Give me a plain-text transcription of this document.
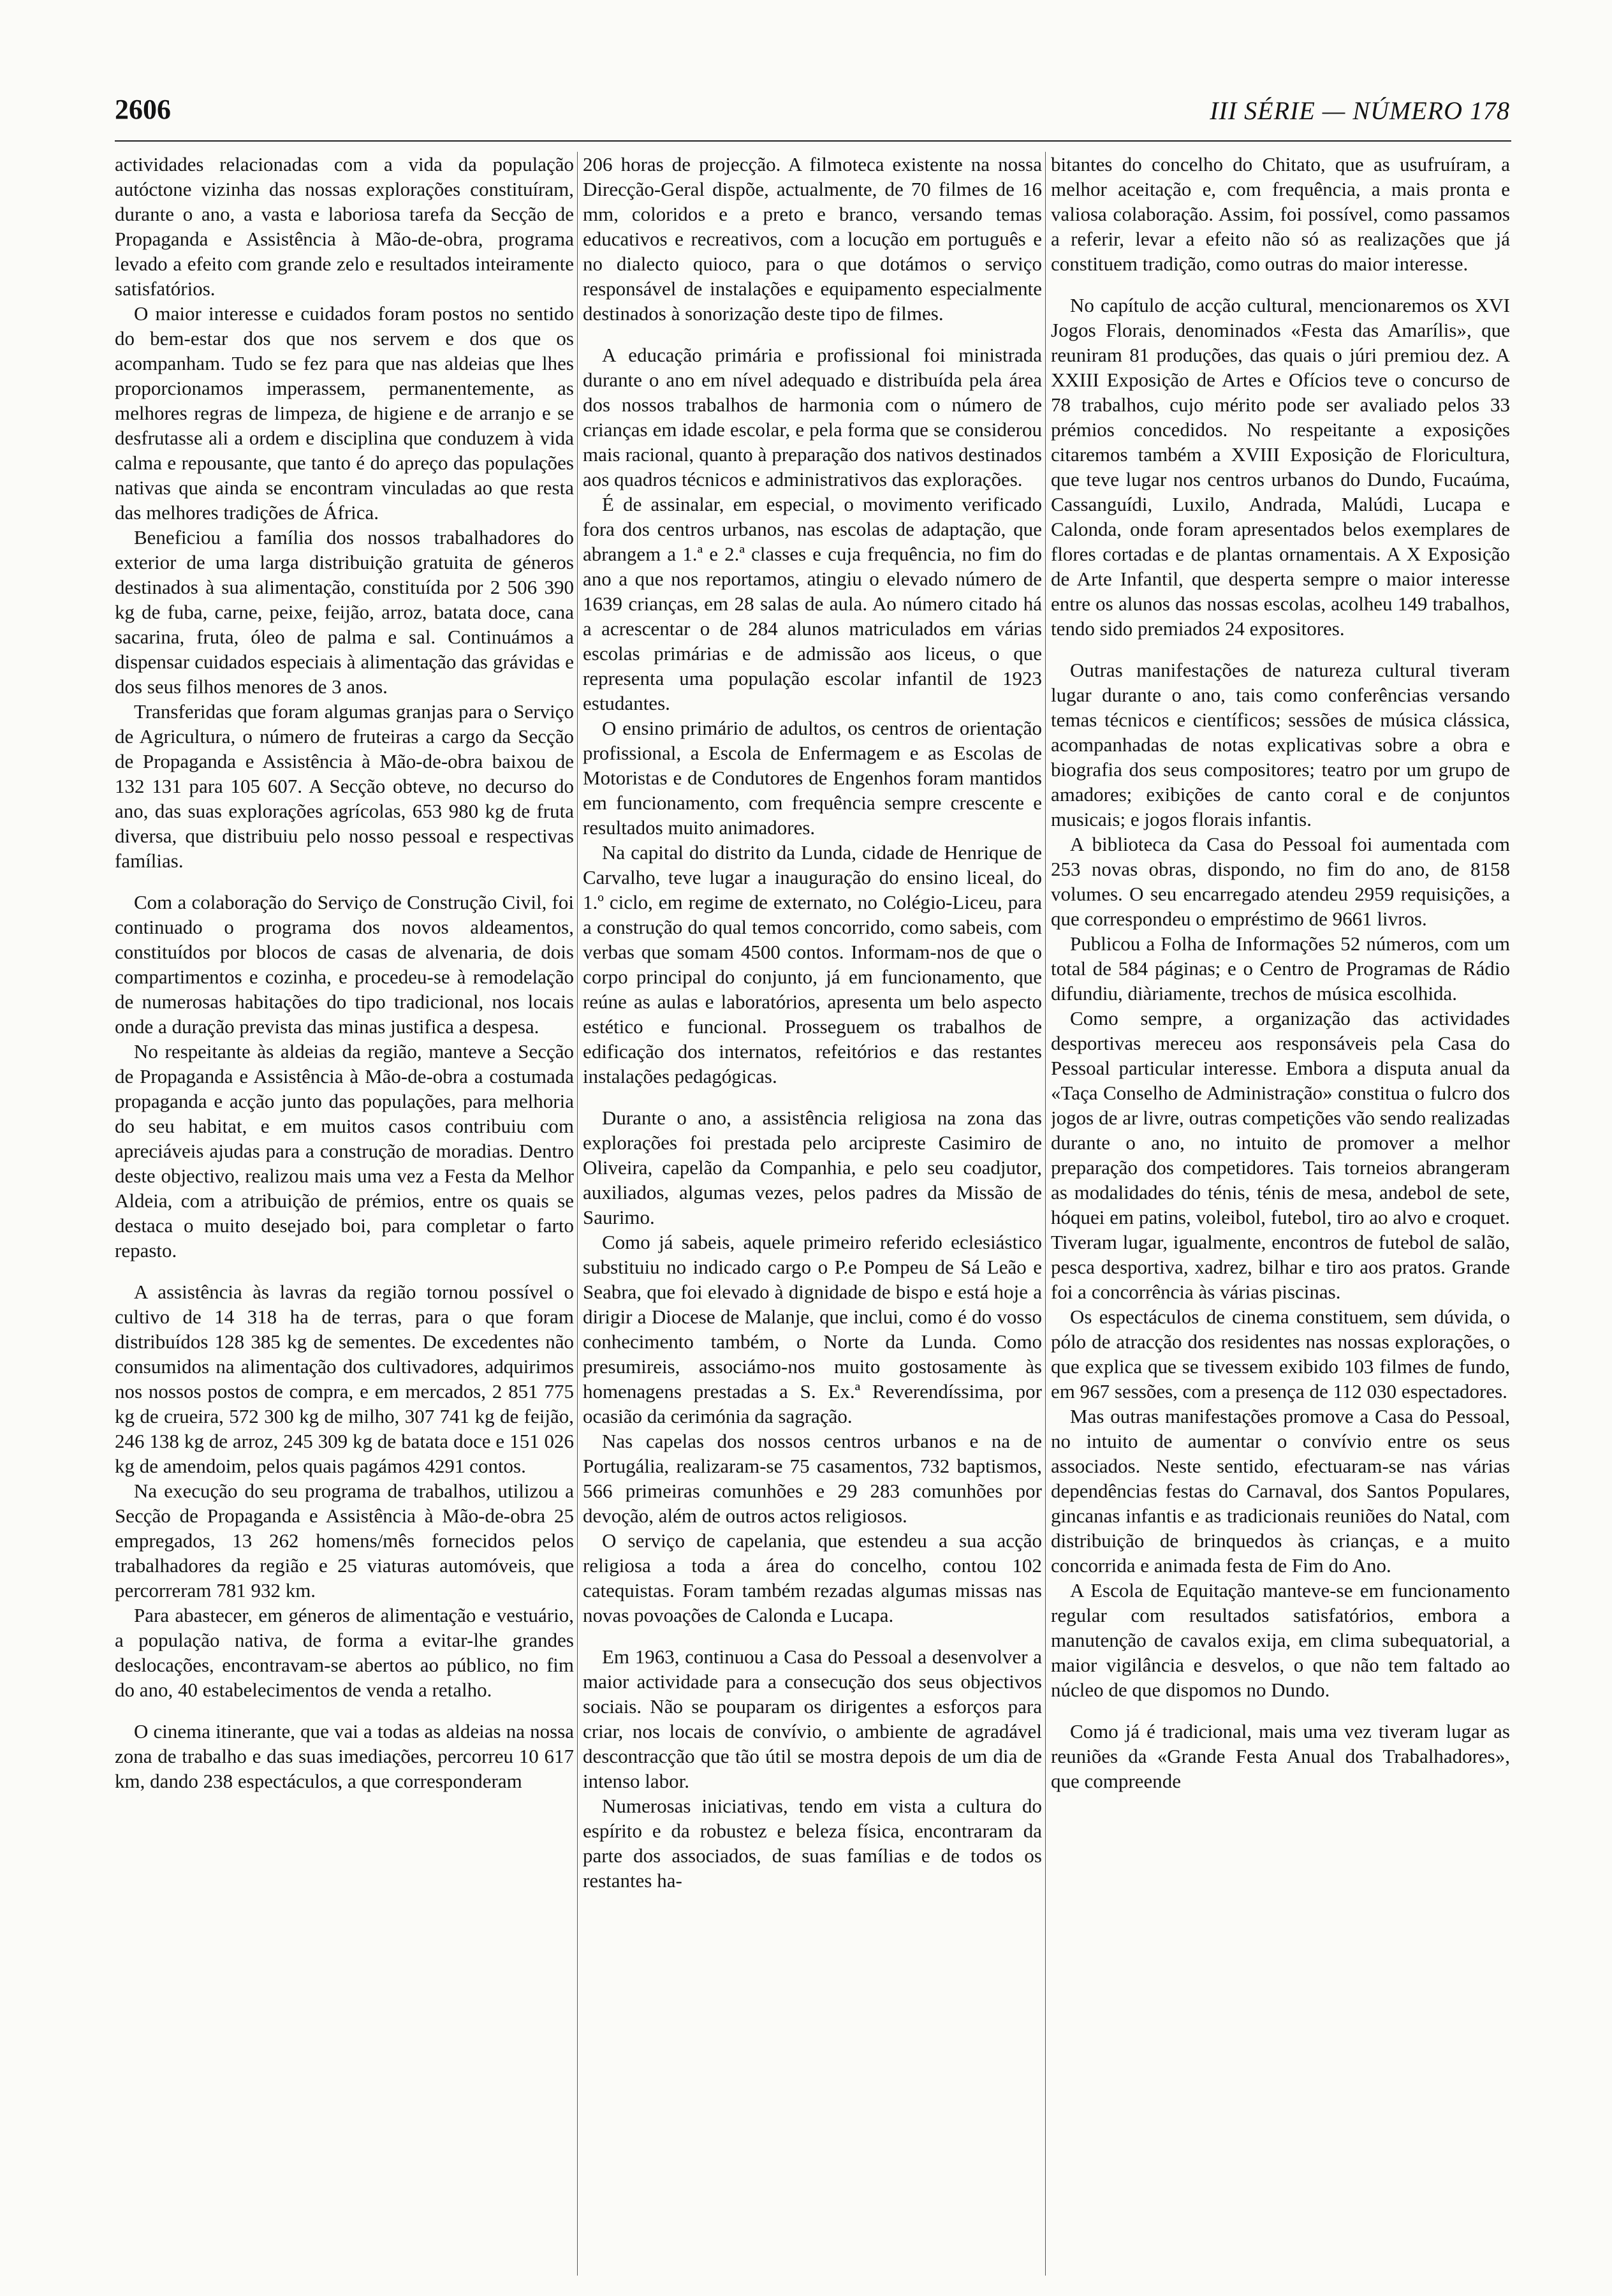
2606	III SÉRIE — NÚMERO 178

actividades relacionadas com a vida da população autóctone vizinha das nossas explorações constituíram, durante o ano, a vasta e laboriosa tarefa da Secção de Propaganda e Assistência à Mão-de-obra, programa levado a efeito com grande zelo e resultados inteiramente satisfatórios.

O maior interesse e cuidados foram postos no sentido do bem-estar dos que nos servem e dos que os acompanham. Tudo se fez para que nas aldeias que lhes proporcionamos imperassem, permanentemente, as melhores regras de limpeza, de higiene e de arranjo e se desfrutasse ali a ordem e disciplina que conduzem à vida calma e repousante, que tanto é do apreço das populações nativas que ainda se encontram vinculadas ao que resta das melhores tradições de África.

Beneficiou a família dos nossos trabalhadores do exterior de uma larga distribuição gratuita de géneros destinados à sua alimentação, constituída por 2 506 390 kg de fuba, carne, peixe, feijão, arroz, batata doce, cana sacarina, fruta, óleo de palma e sal. Continuámos a dispensar cuidados especiais à alimentação das grávidas e dos seus filhos menores de 3 anos.

Transferidas que foram algumas granjas para o Serviço de Agricultura, o número de fruteiras a cargo da Secção de Propaganda e Assistência à Mão-de-obra baixou de 132 131 para 105 607. A Secção obteve, no decurso do ano, das suas explorações agrícolas, 653 980 kg de fruta diversa, que distribuiu pelo nosso pessoal e respectivas famílias.

Com a colaboração do Serviço de Construção Civil, foi continuado o programa dos novos aldeamentos, constituídos por blocos de casas de alvenaria, de dois compartimentos e cozinha, e procedeu-se à remodelação de numerosas habitações do tipo tradicional, nos locais onde a duração prevista das minas justifica a despesa.

No respeitante às aldeias da região, manteve a Secção de Propaganda e Assistência à Mão-de-obra a costumada propaganda e acção junto das populações, para melhoria do seu habitat, e em muitos casos contribuiu com apreciáveis ajudas para a construção de moradias. Dentro deste objectivo, realizou mais uma vez a Festa da Melhor Aldeia, com a atribuição de prémios, entre os quais se destaca o muito desejado boi, para completar o farto repasto.

A assistência às lavras da região tornou possível o cultivo de 14 318 ha de terras, para o que foram distribuídos 128 385 kg de sementes. De excedentes não consumidos na alimentação dos cultivadores, adquirimos nos nossos postos de compra, e em mercados, 2 851 775 kg de crueira, 572 300 kg de milho, 307 741 kg de feijão, 246 138 kg de arroz, 245 309 kg de batata doce e 151 026 kg de amendoim, pelos quais pagámos 4291 contos.

Na execução do seu programa de trabalhos, utilizou a Secção de Propaganda e Assistência à Mão-de-obra 25 empregados, 13 262 homens/mês fornecidos pelos trabalhadores da região e 25 viaturas automóveis, que percorreram 781 932 km.

Para abastecer, em géneros de alimentação e vestuário, a população nativa, de forma a evitar-lhe grandes deslocações, encontravam-se abertos ao público, no fim do ano, 40 estabelecimentos de venda a retalho.

O cinema itinerante, que vai a todas as aldeias na nossa zona de trabalho e das suas imediações, percorreu 10 617 km, dando 238 espectáculos, a que corresponderam

206 horas de projecção. A filmoteca existente na nossa Direcção-Geral dispõe, actualmente, de 70 filmes de 16 mm, coloridos e a preto e branco, versando temas educativos e recreativos, com a locução em português e no dialecto quioco, para o que dotámos o serviço responsável de instalações e equipamento especialmente destinados à sonorização deste tipo de filmes.

A educação primária e profissional foi ministrada durante o ano em nível adequado e distribuída pela área dos nossos trabalhos de harmonia com o número de crianças em idade escolar, e pela forma que se considerou mais racional, quanto à preparação dos nativos destinados aos quadros técnicos e administrativos das explorações.

É de assinalar, em especial, o movimento verificado fora dos centros urbanos, nas escolas de adaptação, que abrangem a 1.ª e 2.ª classes e cuja frequência, no fim do ano a que nos reportamos, atingiu o elevado número de 1639 crianças, em 28 salas de aula. Ao número citado há a acrescentar o de 284 alunos matriculados em várias escolas primárias e de admissão aos liceus, o que representa uma população escolar infantil de 1923 estudantes.

O ensino primário de adultos, os centros de orientação profissional, a Escola de Enfermagem e as Escolas de Motoristas e de Condutores de Engenhos foram mantidos em funcionamento, com frequência sempre crescente e resultados muito animadores.

Na capital do distrito da Lunda, cidade de Henrique de Carvalho, teve lugar a inauguração do ensino liceal, do 1.º ciclo, em regime de externato, no Colégio-Liceu, para a construção do qual temos concorrido, como sabeis, com verbas que somam 4500 contos. Informam-nos de que o corpo principal do conjunto, já em funcionamento, que reúne as aulas e laboratórios, apresenta um belo aspecto estético e funcional. Prosseguem os trabalhos de edificação dos internatos, refeitórios e das restantes instalações pedagógicas.

Durante o ano, a assistência religiosa na zona das explorações foi prestada pelo arcipreste Casimiro de Oliveira, capelão da Companhia, e pelo seu coadjutor, auxiliados, algumas vezes, pelos padres da Missão de Saurimo.

Como já sabeis, aquele primeiro referido eclesiástico substituiu no indicado cargo o P.e Pompeu de Sá Leão e Seabra, que foi elevado à dignidade de bispo e está hoje a dirigir a Diocese de Malanje, que inclui, como é do vosso conhecimento também, o Norte da Lunda. Como presumireis, associámo-nos muito gostosamente às homenagens prestadas a S. Ex.ª Reverendíssima, por ocasião da cerimónia da sagração.

Nas capelas dos nossos centros urbanos e na de Portugália, realizaram-se 75 casamentos, 732 baptismos, 566 primeiras comunhões e 29 283 comunhões por devoção, além de outros actos religiosos.

O serviço de capelania, que estendeu a sua acção religiosa a toda a área do concelho, contou 102 catequistas. Foram também rezadas algumas missas nas novas povoações de Calonda e Lucapa.

Em 1963, continuou a Casa do Pessoal a desenvolver a maior actividade para a consecução dos seus objectivos sociais. Não se pouparam os dirigentes a esforços para criar, nos locais de convívio, o ambiente de agradável descontracção que tão útil se mostra depois de um dia de intenso labor.

Numerosas iniciativas, tendo em vista a cultura do espírito e da robustez e beleza física, encontraram da parte dos associados, de suas famílias e de todos os restantes ha-

bitantes do concelho do Chitato, que as usufruíram, a melhor aceitação e, com frequência, a mais pronta e valiosa colaboração. Assim, foi possível, como passamos a referir, levar a efeito não só as realizações que já constituem tradição, como outras do maior interesse.

No capítulo de acção cultural, mencionaremos os XVI Jogos Florais, denominados «Festa das Amarílis», que reuniram 81 produções, das quais o júri premiou dez. A XXIII Exposição de Artes e Ofícios teve o concurso de 78 trabalhos, cujo mérito pode ser avaliado pelos 33 prémios concedidos. No respeitante a exposições citaremos também a XVIII Exposição de Floricultura, que teve lugar nos centros urbanos do Dundo, Fucaúma, Cassanguídi, Luxilo, Andrada, Malúdi, Lucapa e Calonda, onde foram apresentados belos exemplares de flores cortadas e de plantas ornamentais. A X Exposição de Arte Infantil, que desperta sempre o maior interesse entre os alunos das nossas escolas, acolheu 149 trabalhos, tendo sido premiados 24 expositores.

Outras manifestações de natureza cultural tiveram lugar durante o ano, tais como conferências versando temas técnicos e científicos; sessões de música clássica, acompanhadas de notas explicativas sobre a obra e biografia dos seus compositores; teatro por um grupo de amadores; exibições de canto coral e de conjuntos musicais; e jogos florais infantis.

A biblioteca da Casa do Pessoal foi aumentada com 253 novas obras, dispondo, no fim do ano, de 8158 volumes. O seu encarregado atendeu 2959 requisições, a que correspondeu o empréstimo de 9661 livros.

Publicou a Folha de Informações 52 números, com um total de 584 páginas; e o Centro de Programas de Rádio difundiu, diàriamente, trechos de música escolhida.

Como sempre, a organização das actividades desportivas mereceu aos responsáveis pela Casa do Pessoal particular interesse. Embora a disputa anual da «Taça Conselho de Administração» constitua o fulcro dos jogos de ar livre, outras competições vão sendo realizadas durante o ano, no intuito de promover a melhor preparação dos competidores. Tais torneios abrangeram as modalidades do ténis, ténis de mesa, andebol de sete, hóquei em patins, voleibol, futebol, tiro ao alvo e croquet. Tiveram lugar, igualmente, encontros de futebol de salão, pesca desportiva, xadrez, bilhar e tiro aos pratos. Grande foi a concorrência às várias piscinas.

Os espectáculos de cinema constituem, sem dúvida, o pólo de atracção dos residentes nas nossas explorações, o que explica que se tivessem exibido 103 filmes de fundo, em 967 sessões, com a presença de 112 030 espectadores.

Mas outras manifestações promove a Casa do Pessoal, no intuito de aumentar o convívio entre os seus associados. Neste sentido, efectuaram-se nas várias dependências festas do Carnaval, dos Santos Populares, gincanas infantis e as tradicionais reuniões do Natal, com distribuição de brinquedos às crianças, e a muito concorrida e animada festa de Fim do Ano.

A Escola de Equitação manteve-se em funcionamento regular com resultados satisfatórios, embora a manutenção de cavalos exija, em clima subequatorial, a maior vigilância e desvelos, o que não tem faltado ao núcleo de que dispomos no Dundo.

Como já é tradicional, mais uma vez tiveram lugar as reuniões da «Grande Festa Anual dos Trabalhadores», que compreende
